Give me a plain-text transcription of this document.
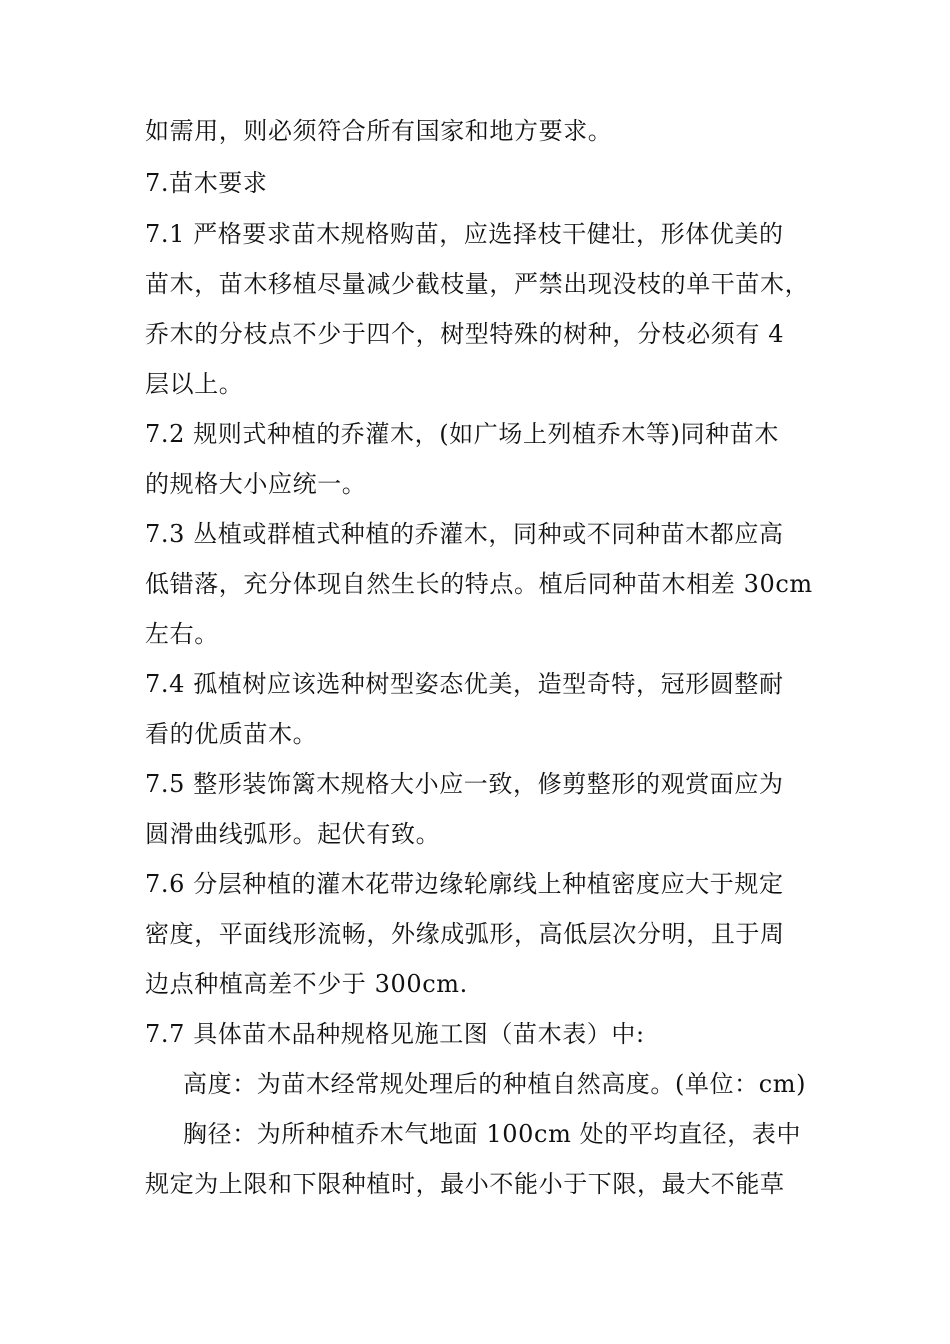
如需用，则必须符合所有国家和地方要求。
7.苗木要求
7.1 严格要求苗木规格购苗，应选择枝干健壮，形体优美的
苗木，苗木移植尽量减少截枝量，严禁出现没枝的单干苗木，
乔木的分枝点不少于四个，树型特殊的树种，分枝必须有 4
层以上。
7.2 规则式种植的乔灌木，(如广场上列植乔木等)同种苗木
的规格大小应统一。
7.3 丛植或群植式种植的乔灌木，同种或不同种苗木都应高
低错落，充分体现自然生长的特点。植后同种苗木相差 30cm
左右。
7.4 孤植树应该选种树型姿态优美，造型奇特，冠形圆整耐
看的优质苗木。
7.5 整形装饰篱木规格大小应一致，修剪整形的观赏面应为
圆滑曲线弧形。起伏有致。
7.6 分层种植的灌木花带边缘轮廓线上种植密度应大于规定
密度，平面线形流畅，外缘成弧形，高低层次分明，且于周
边点种植高差不少于 300cm.
7.7 具体苗木品种规格见施工图（苗木表）中:
高度：为苗木经常规处理后的种植自然高度。(单位：cm)
胸径：为所种植乔木气地面 100cm 处的平均直径，表中
规定为上限和下限种植时，最小不能小于下限，最大不能草
